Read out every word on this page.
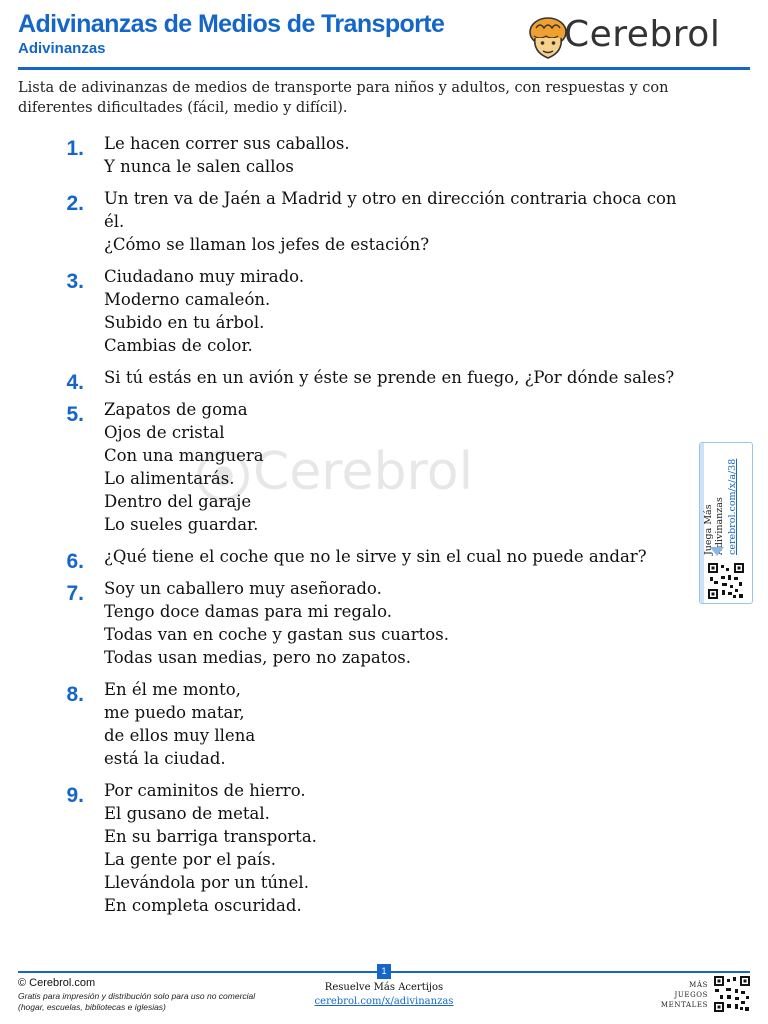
Adivinanzas de Medios de Transporte
Adivinanzas	Cerebrol
Lista de adivinanzas de medios de transporte para niños y adultos, con respuestas y con diferentes dificultades (fácil, medio y difícil).
Cerebrol
1. Le hacen correr sus caballos.
Y nunca le salen callos
2. Un tren va de Jaén a Madrid y otro en dirección contraria choca con él.
¿Cómo se llaman los jefes de estación?
3. Ciudadano muy mirado.
Moderno camaleón.
Subido en tu árbol.
Cambias de color.
4. Si tú estás en un avión y éste se prende en fuego, ¿Por dónde sales?
5. Zapatos de goma
Ojos de cristal
Con una manguera
Lo alimentarás.
Dentro del garaje
Lo sueles guardar.
6. ¿Qué tiene el coche que no le sirve y sin el cual no puede andar?
7. Soy un caballero muy aseñorado.
Tengo doce damas para mi regalo.
Todas van en coche y gastan sus cuartos.
Todas usan medias, pero no zapatos.
8. En él me monto,
me puedo matar,
de ellos muy llena
está la ciudad.
9. Por caminitos de hierro.
El gusano de metal.
En su barriga transporta.
La gente por el país.
Llevándola por un túnel.
En completa oscuridad.
Juega Más
Adivinanzas cerebrol.com/x/a/38
1
© Cerebrol.com
Gratis para impresión y distribución solo para uso no comercial (hogar, escuelas, bibliotecas e iglesias)
Resuelve Más Acertijos
cerebrol.com/x/adivinanzas
MÁS
JUEGOS
MENTALES
